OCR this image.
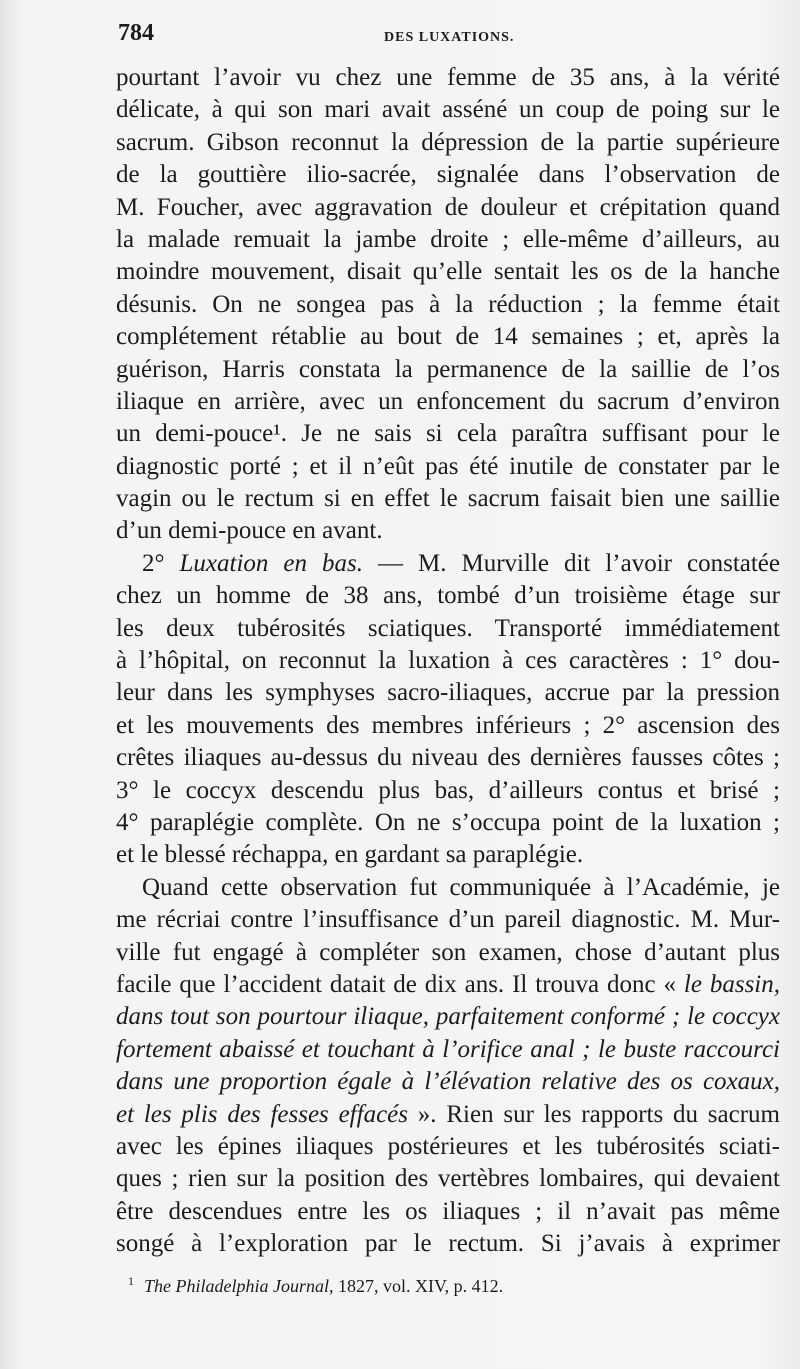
784	DES LUXATIONS.
pourtant l’avoir vu chez une femme de 35 ans, à la vérité
délicate, à qui son mari avait asséné un coup de poing sur le
sacrum. Gibson reconnut la dépression de la partie supérieure
de la gouttière ilio-sacrée, signalée dans l’observation de
M. Foucher, avec aggravation de douleur et crépitation quand
la malade remuait la jambe droite ; elle-même d’ailleurs, au
moindre mouvement, disait qu’elle sentait les os de la hanche
désunis. On ne songea pas à la réduction ; la femme était
complétement rétablie au bout de 14 semaines ; et, après la
guérison, Harris constata la permanence de la saillie de l’os
iliaque en arrière, avec un enfoncement du sacrum d’environ
un demi-pouce¹. Je ne sais si cela paraîtra suffisant pour le
diagnostic porté ; et il n’eût pas été inutile de constater par le
vagin ou le rectum si en effet le sacrum faisait bien une saillie
d’un demi-pouce en avant.
2° Luxation en bas. — M. Murville dit l’avoir constatée
chez un homme de 38 ans, tombé d’un troisième étage sur
les deux tubérosités sciatiques. Transporté immédiatement
à l’hôpital, on reconnut la luxation à ces caractères : 1° dou-
leur dans les symphyses sacro-iliaques, accrue par la pression
et les mouvements des membres inférieurs ; 2° ascension des
crêtes iliaques au-dessus du niveau des dernières fausses côtes ;
3° le coccyx descendu plus bas, d’ailleurs contus et brisé ;
4° paraplégie complète. On ne s’occupa point de la luxation ;
et le blessé réchappa, en gardant sa paraplégie.
Quand cette observation fut communiquée à l’Académie, je
me récriai contre l’insuffisance d’un pareil diagnostic. M. Mur-
ville fut engagé à compléter son examen, chose d’autant plus
facile que l’accident datait de dix ans. Il trouva donc « le bassin,
dans tout son pourtour iliaque, parfaitement conformé ; le coccyx
fortement abaissé et touchant à l’orifice anal ; le buste raccourci
dans une proportion égale à l’élévation relative des os coxaux,
et les plis des fesses effacés ». Rien sur les rapports du sacrum
avec les épines iliaques postérieures et les tubérosités sciati-
ques ; rien sur la position des vertèbres lombaires, qui devaient
être descendues entre les os iliaques ; il n’avait pas même
songé à l’exploration par le rectum. Si j’avais à exprimer
$^1$ The Philadelphia Journal, 1827, vol. XIV, p. 412.
